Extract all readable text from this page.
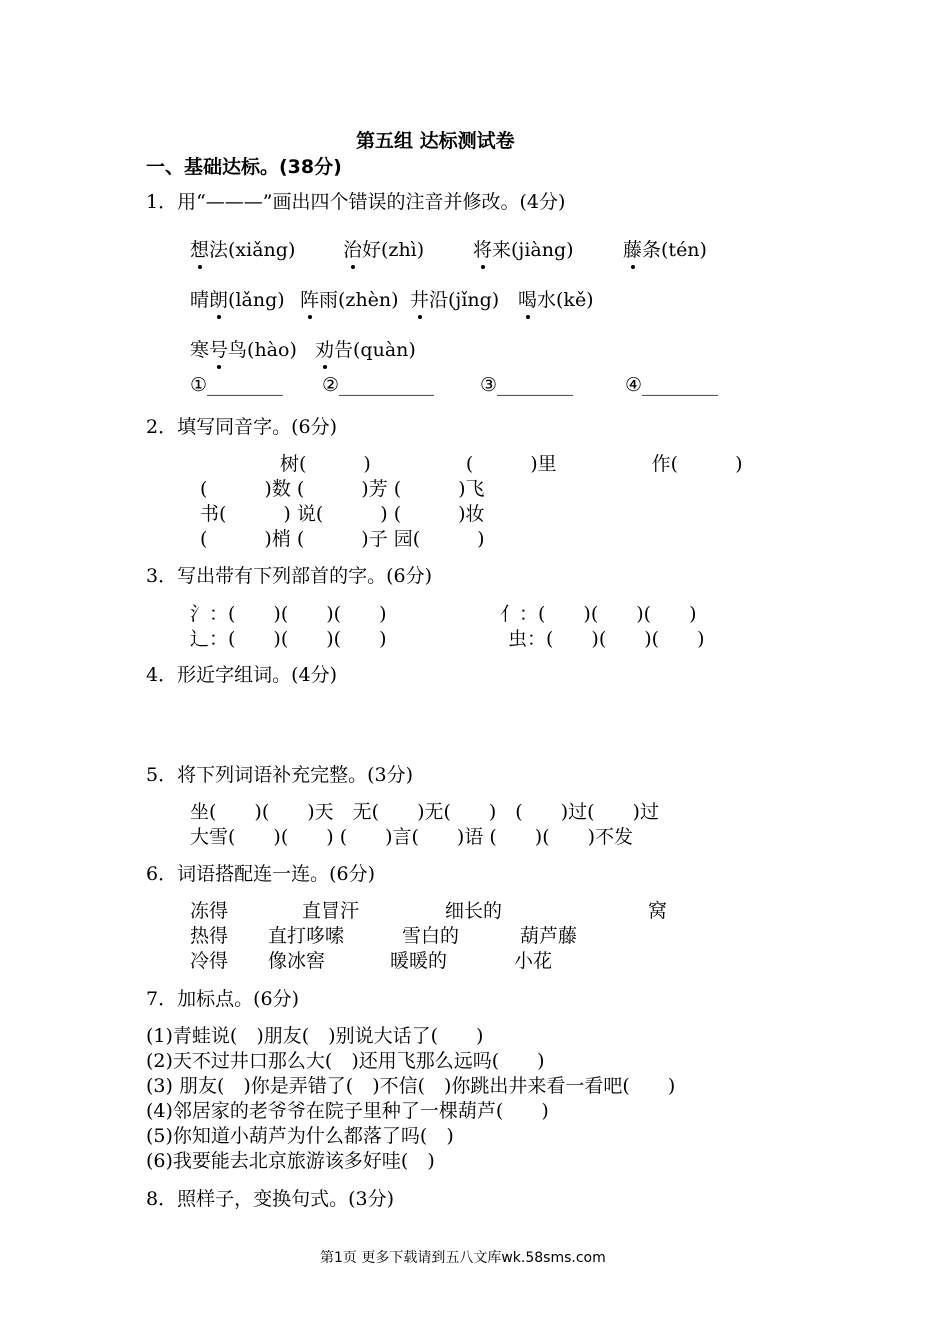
第五组 达标测试卷
一、基础达标。(38分)
1．用“———”画出四个错误的注音并修改。(4分)
想法(xiǎng)	治好(zhì)	将来(jiàng)	藤条(tén)
晴朗(lǎng) 阵雨(zhèn) 井沿(jǐng) 喝水(kě)
寒号鸟(hào) 劝告(quàn)
①________ ②__________ ③________	④________
2．填写同音字。(6分)
树(　　　)　　　　　(　　　)里　　　　　作(　　　)
(　　　)数 (　　　)芳 (　　　)飞
书(　　　) 说(　　　) (　　　)妆
(　　　)梢 (　　　)子 园(　　　)
3．写出带有下列部首的字。(6分)
氵：(　　)(　　)(　　)	亻：(　　)(　　)(　　)
辶：(　　)(　　)(　　)	虫：(　　)(　　)(　　)
4．形近字组词。(4分)
5．将下列词语补充完整。(3分)
坐(　　)(　　)天　无(　　)无(　　)　(　　)过(　　)过
大雪(　　)(　　) (　　)言(　　)语 (　　)(　　)不发
6．词语搭配连一连。(6分)
冻得	直冒汗	细长的	窝
热得 直打哆嗦	雪白的	葫芦藤
冷得 像冰窖	暖暖的	小花
7．加标点。(6分)
(1)青蛙说(　)朋友(　)别说大话了(　　)
(2)天不过井口那么大(　)还用飞那么远吗(　　)
(3) 朋友(　)你是弄错了(　)不信(　)你跳出井来看一看吧(　　)
(4)邻居家的老爷爷在院子里种了一棵葫芦(　　)
(5)你知道小葫芦为什么都落了吗(　)
(6)我要能去北京旅游该多好哇(　)
8．照样子，变换句式。(3分)
第1页 更多下载请到五八文库wk.58sms.com
